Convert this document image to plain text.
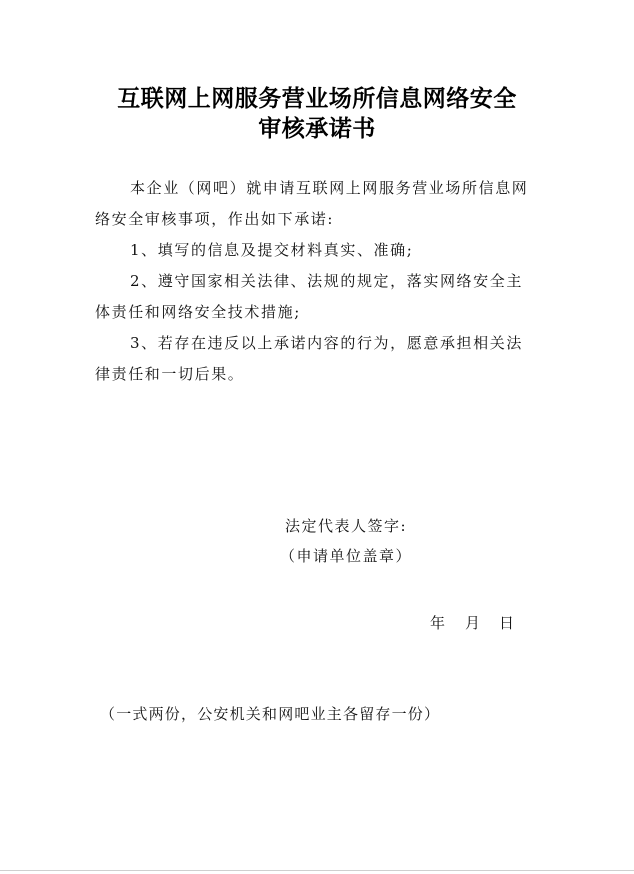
互联网上网服务营业场所信息网络安全
审核承诺书
本企业（网吧）就申请互联网上网服务营业场所信息网
络安全审核事项，作出如下承诺:
1、填写的信息及提交材料真实、准确;
2、遵守国家相关法律、法规的规定，落实网络安全主
体责任和网络安全技术措施;
3、若存在违反以上承诺内容的行为，愿意承担相关法
律责任和一切后果。
法定代表人签字:
（申请单位盖章）
年 月 日
（一式两份，公安机关和网吧业主各留存一份）
